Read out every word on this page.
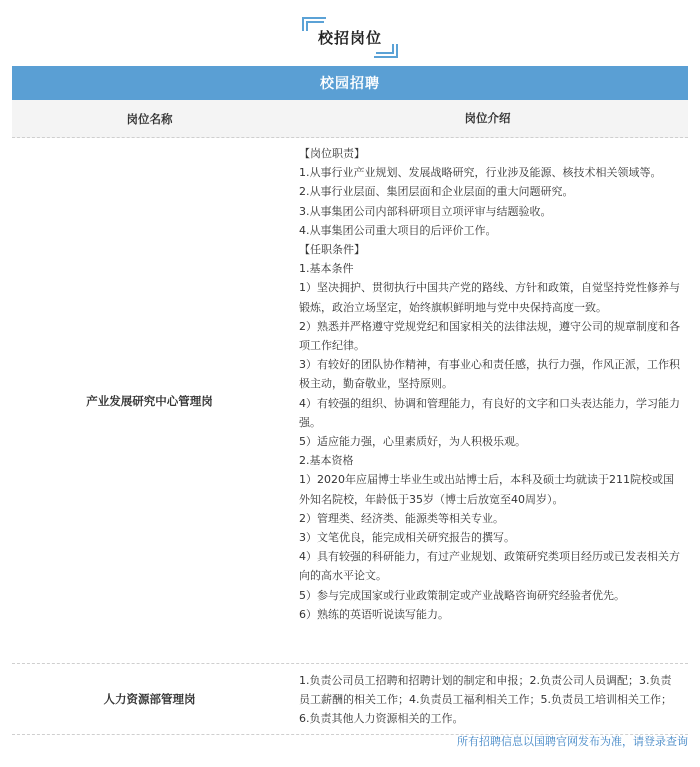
校招岗位
校园招聘
岗位名称	岗位介绍
产业发展研究中心管理岗
【岗位职责】
1.从事行业产业规划、发展战略研究，行业涉及能源、核技术相关领域等。
2.从事行业层面、集团层面和企业层面的重大问题研究。
3.从事集团公司内部科研项目立项评审与结题验收。
4.从事集团公司重大项目的后评价工作。
【任职条件】
1.基本条件
1）坚决拥护、贯彻执行中国共产党的路线、方针和政策，自觉坚持党性修养与锻炼，政治立场坚定，始终旗帜鲜明地与党中央保持高度一致。
2）熟悉并严格遵守党规党纪和国家相关的法律法规，遵守公司的规章制度和各项工作纪律。
3）有较好的团队协作精神，有事业心和责任感，执行力强，作风正派，工作积极主动，勤奋敬业，坚持原则。
4）有较强的组织、协调和管理能力，有良好的文字和口头表达能力，学习能力强。
5）适应能力强，心里素质好，为人积极乐观。
2.基本资格
1）2020年应届博士毕业生或出站博士后，本科及硕士均就读于211院校或国外知名院校，年龄低于35岁（博士后放宽至40周岁）。
2）管理类、经济类、能源类等相关专业。
3）文笔优良，能完成相关研究报告的撰写。
4）具有较强的科研能力，有过产业规划、政策研究类项目经历或已发表相关方向的高水平论文。
5）参与完成国家或行业政策制定或产业战略咨询研究经验者优先。
6）熟练的英语听说读写能力。
人力资源部管理岗
1.负责公司员工招聘和招聘计划的制定和申报；2.负责公司人员调配；3.负责员工薪酬的相关工作；4.负责员工福利相关工作；5.负责员工培训相关工作；6.负责其他人力资源相关的工作。
所有招聘信息以国聘官网发布为准，请登录查询
